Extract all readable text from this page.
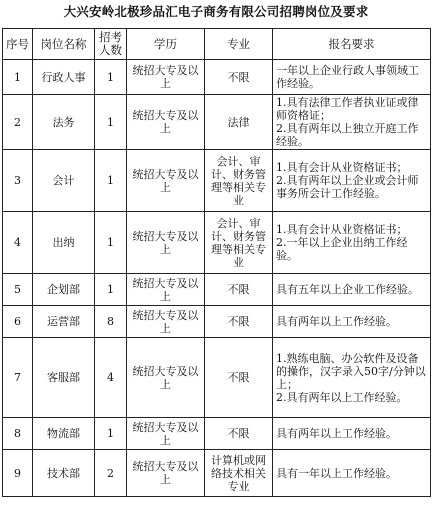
大兴安岭北极珍品汇电子商务有限公司招聘岗位及要求
序号	岗位名称	招考人数	学历	专业	报名要求
1	行政人事	1	统招大专及以上	不限	一年以上企业行政人事领域工作经验。

2	法务	1	统招大专及以上	法律	1.具有法律工作者执业证或律师资格证；
2.具有两年以上独立开庭工作经验。

3	会计	1	统招大专及以上	会计、审计、财务管理等相关专业	1.具有会计从业资格证书；
2.具有两年以上企业或会计师事务所会计工作经验。

4	出纳	1	统招大专及以上	会计、审计、财务管理等相关专业	1.具有会计从业资格证书；
2.一年以上企业出纳工作经验。

5	企划部	1	统招大专及以上	不限	具有五年以上企业工作经验。

6	运营部	8	统招大专及以上	不限	具有两年以上工作经验。

7	客服部	4	统招大专及以上	不限	1.熟练电脑、办公软件及设备的操作，汉字录入50字/分钟以上；
2.具有两年以上工作经验。

8	物流部	1	统招大专及以上	不限	具有两年以上工作经验。

9	技术部	2	统招大专及以上	计算机或网络技术相关专业	具有一年以上工作经验。
